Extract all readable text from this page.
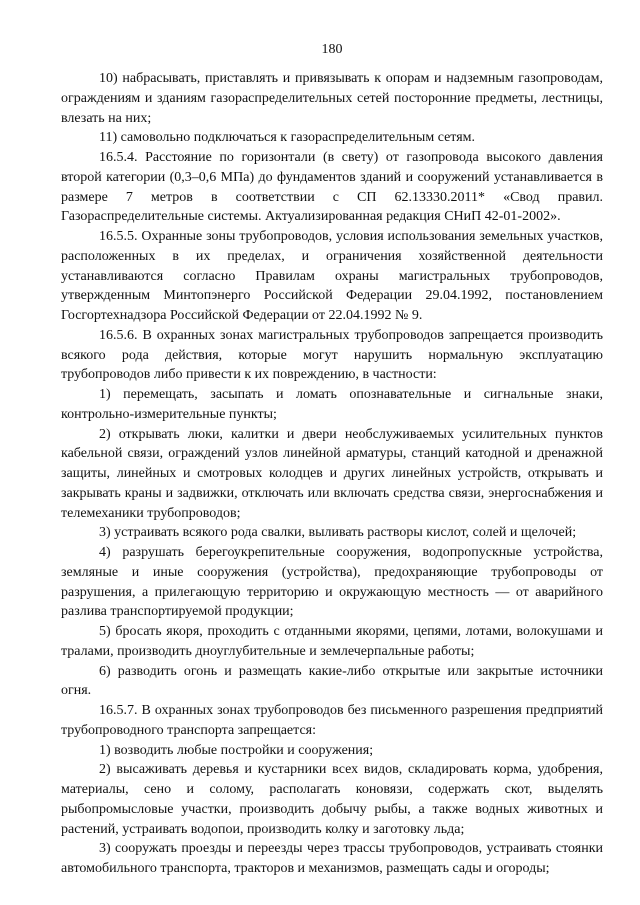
180

10) набрасывать, приставлять и привязывать к опорам и надземным газопроводам, ограждениям и зданиям газораспределительных сетей посторонние предметы, лестницы, влезать на них;

11) самовольно подключаться к газораспределительным сетям.

16.5.4. Расстояние по горизонтали (в свету) от газопровода высокого давления второй категории (0,3–0,6 МПа) до фундаментов зданий и сооружений устанавливается в размере 7 метров в соответствии с СП 62.13330.2011* «Свод правил. Газораспределительные системы. Актуализированная редакция СНиП 42-01-2002».

16.5.5. Охранные зоны трубопроводов, условия использования земельных участков, расположенных в их пределах, и ограничения хозяйственной деятельности устанавливаются согласно Правилам охраны магистральных трубопроводов, утвержденным Минтопэнерго Российской Федерации 29.04.1992, постановлением Госгортехнадзора Российской Федерации от 22.04.1992 № 9.

16.5.6. В охранных зонах магистральных трубопроводов запрещается производить всякого рода действия, которые могут нарушить нормальную эксплуатацию трубопроводов либо привести к их повреждению, в частности:

1) перемещать, засыпать и ломать опознавательные и сигнальные знаки, контрольно-измерительные пункты;

2) открывать люки, калитки и двери необслуживаемых усилительных пунктов кабельной связи, ограждений узлов линейной арматуры, станций катодной и дренажной защиты, линейных и смотровых колодцев и других линейных устройств, открывать и закрывать краны и задвижки, отключать или включать средства связи, энергоснабжения и телемеханики трубопроводов;

3) устраивать всякого рода свалки, выливать растворы кислот, солей и щелочей;

4) разрушать берегоукрепительные сооружения, водопропускные устройства, земляные и иные сооружения (устройства), предохраняющие трубопроводы от разрушения, а прилегающую территорию и окружающую местность — от аварийного разлива транспортируемой продукции;

5) бросать якоря, проходить с отданными якорями, цепями, лотами, волокушами и тралами, производить дноуглубительные и землечерпальные работы;

6) разводить огонь и размещать какие-либо открытые или закрытые источники огня.

16.5.7. В охранных зонах трубопроводов без письменного разрешения предприятий трубопроводного транспорта запрещается:

1) возводить любые постройки и сооружения;

2) высаживать деревья и кустарники всех видов, складировать корма, удобрения, материалы, сено и солому, располагать коновязи, содержать скот, выделять рыбопромысловые участки, производить добычу рыбы, а также водных животных и растений, устраивать водопои, производить колку и заготовку льда;

3) сооружать проезды и переезды через трассы трубопроводов, устраивать стоянки автомобильного транспорта, тракторов и механизмов, размещать сады и огороды;
